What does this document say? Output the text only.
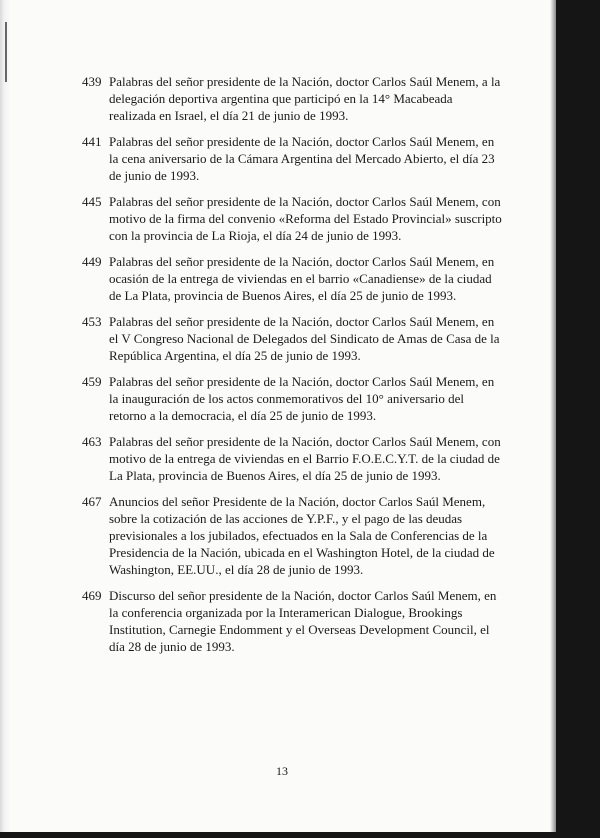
439 Palabras del señor presidente de la Nación, doctor Carlos Saúl Menem, a la delegación deportiva argentina que participó en la 14° Macabeada realizada en Israel, el día 21 de junio de 1993.
441 Palabras del señor presidente de la Nación, doctor Carlos Saúl Menem, en la cena aniversario de la Cámara Argentina del Mercado Abierto, el día 23 de junio de 1993.
445 Palabras del señor presidente de la Nación, doctor Carlos Saúl Menem, con motivo de la firma del convenio «Reforma del Estado Provincial» suscripto con la provincia de La Rioja, el día 24 de junio de 1993.
449 Palabras del señor presidente de la Nación, doctor Carlos Saúl Menem, en ocasión de la entrega de viviendas en el barrio «Canadiense» de la ciudad de La Plata, provincia de Buenos Aires, el día 25 de junio de 1993.
453 Palabras del señor presidente de la Nación, doctor Carlos Saúl Menem, en el V Congreso Nacional de Delegados del Sindicato de Amas de Casa de la República Argentina, el día 25 de junio de 1993.
459 Palabras del señor presidente de la Nación, doctor Carlos Saúl Menem, en la inauguración de los actos conmemorativos del 10° aniversario del retorno a la democracia, el día 25 de junio de 1993.
463 Palabras del señor presidente de la Nación, doctor Carlos Saúl Menem, con motivo de la entrega de viviendas en el Barrio F.O.E.C.Y.T. de la ciudad de La Plata, provincia de Buenos Aires, el día 25 de junio de 1993.
467 Anuncios del señor Presidente de la Nación, doctor Carlos Saúl Menem, sobre la cotización de las acciones de Y.P.F., y el pago de las deudas previsionales a los jubilados, efectuados en la Sala de Conferencias de la Presidencia de la Nación, ubicada en el Washington Hotel, de la ciudad de Washington, EE.UU., el día 28 de junio de 1993.
469 Discurso del señor presidente de la Nación, doctor Carlos Saúl Menem, en la conferencia organizada por la Interamerican Dialogue, Brookings Institution, Carnegie Endomment y el Overseas Development Council, el día 28 de junio de 1993.
13
